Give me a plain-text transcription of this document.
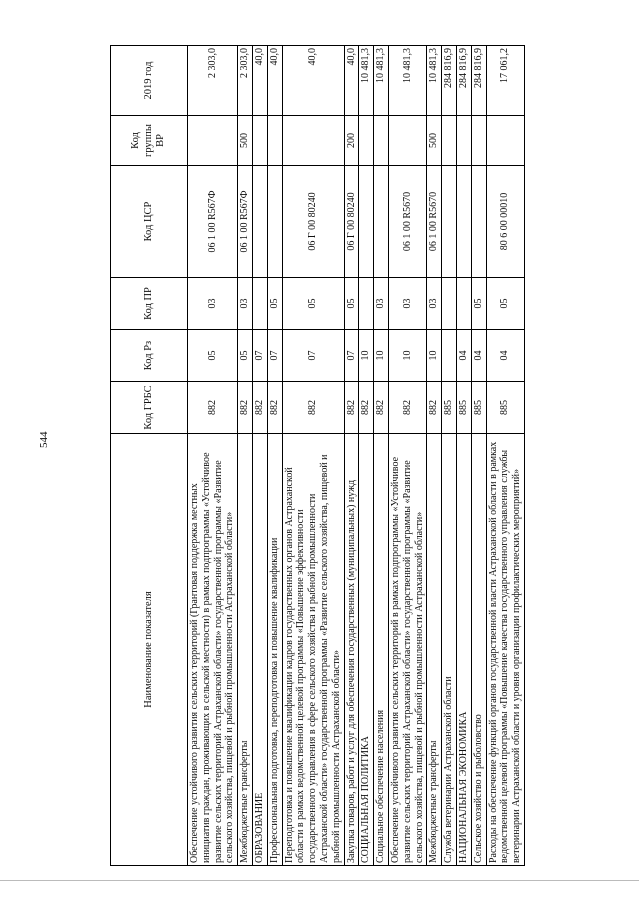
544
Наименование показателя	Код ГРБС	Код Рз	Код ПР	Код ЦСР	Код группы ВР	2019 год
Обеспечение устойчивого развития сельских территорий (Грантовая поддержка местных инициатив граждан, проживающих в сельской местности) в рамках подпрограммы «Устойчивое развитие сельских территорий Астраханской области» государственной программы «Развитие сельского хозяйства, пищевой и рыбной промышленности Астраханской области»	882	05	03	06 1 00 R567Ф		2 303,0
Межбюджетные трансферты	882	05	03	06 1 00 R567Ф	500	2 303,0
ОБРАЗОВАНИЕ	882	07				40,0
Профессиональная подготовка, переподготовка и повышение квалификации	882	07	05			40,0
Переподготовка и повышение квалификации кадров государственных органов Астраханской области в рамках ведомственной целевой программы «Повышение эффективности государственного управления в сфере сельского хозяйства и рыбной промышленности Астраханской области» государственной программы «Развитие сельского хозяйства, пищевой и рыбной промышленности Астраханской области»	882	07	05	06 Г 00 80240		40,0
Закупка товаров, работ и услуг для обеспечения государственных (муниципальных) нужд	882	07	05	06 Г 00 80240	200	40,0
СОЦИАЛЬНАЯ ПОЛИТИКА	882	10				10 481,3
Социальное обеспечение населения	882	10	03			10 481,3
Обеспечение устойчивого развития сельских территорий в рамках подпрограммы «Устойчивое развитие сельских территорий Астраханской области» государственной программы «Развитие сельского хозяйства, пищевой и рыбной промышленности Астраханской области»	882	10	03	06 1 00 R5670		10 481,3
Межбюджетные трансферты	882	10	03	06 1 00 R5670	500	10 481,3
Служба ветеринарии Астраханской области	885					284 816,9
НАЦИОНАЛЬНАЯ ЭКОНОМИКА	885	04				284 816,9
Сельское хозяйство и рыболовство	885	04	05			284 816,9
Расходы на обеспечение функций органов государственной власти Астраханской области в рамках ведомственной целевой программы «Повышение качества государственного управления службы ветеринарии Астраханской области и уровня организации профилактических мероприятий»	885	04	05	80 6 00 00010		17 061,2
